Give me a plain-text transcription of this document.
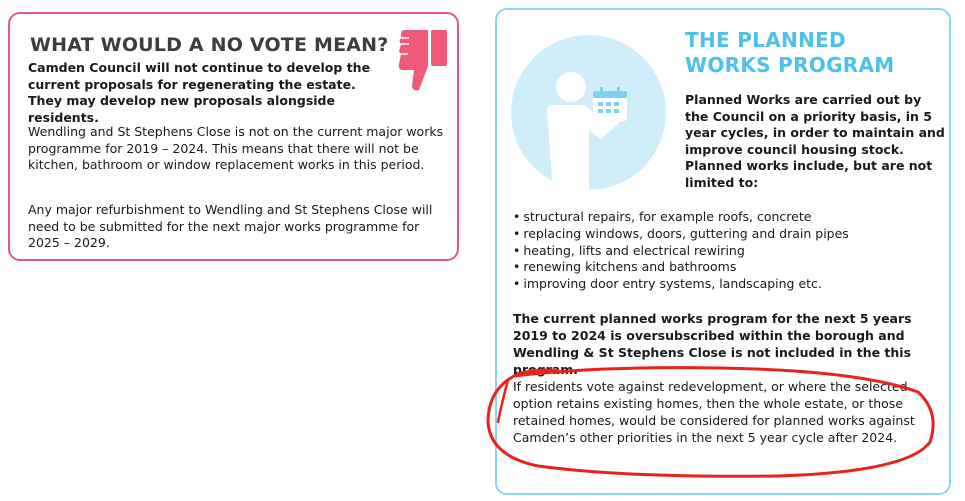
WHAT WOULD A NO VOTE MEAN?

Camden Council will not continue to develop the current proposals for regenerating the estate. They may develop new proposals alongside residents.

Wendling and St Stephens Close is not on the current major works programme for 2019 – 2024. This means that there will not be kitchen, bathroom or window replacement works in this period.

Any major refurbishment to Wendling and St Stephens Close will need to be submitted for the next major works programme for 2025 – 2029.

THE PLANNED WORKS PROGRAM

Planned Works are carried out by the Council on a priority basis, in 5 year cycles, in order to maintain and improve council housing stock. Planned works include, but are not limited to:

• structural repairs, for example roofs, concrete
• replacing windows, doors, guttering and drain pipes
• heating, lifts and electrical rewiring
• renewing kitchens and bathrooms
• improving door entry systems, landscaping etc.

The current planned works program for the next 5 years 2019 to 2024 is oversubscribed within the borough and Wendling & St Stephens Close is not included in the this program.

If residents vote against redevelopment, or where the selected option retains existing homes, then the whole estate, or those retained homes, would be considered for planned works against Camden’s other priorities in the next 5 year cycle after 2024.
